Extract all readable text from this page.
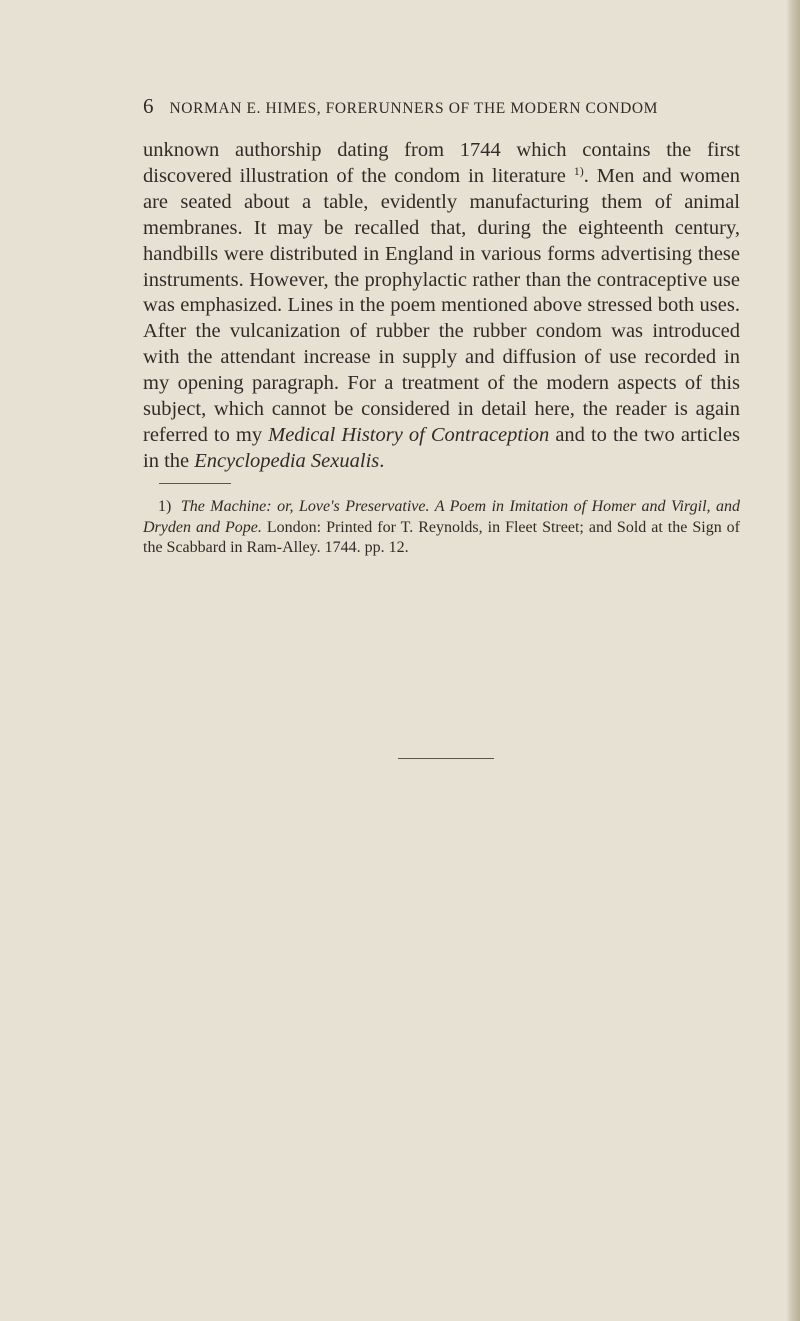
6 NORMAN E. HIMES, FORERUNNERS OF THE MODERN CONDOM
unknown authorship dating from 1744 which contains the first discovered illustration of the condom in literature $^{1)}$. Men and women are seated about a table, evidently manufacturing them of animal membranes. It may be recalled that, during the eighteenth century, handbills were distributed in England in various forms advertising these instruments. However, the prophylactic rather than the contraceptive use was emphasized. Lines in the poem mentioned above stressed both uses. After the vulcanization of rubber the rubber condom was introduced with the attendant increase in supply and diffusion of use recorded in my opening paragraph. For a treatment of the modern aspects of this subject, which cannot be considered in detail here, the reader is again referred to my Medical History of Contraception and to the two articles in the Encyclopedia Sexualis.
1) The Machine: or, Love's Preservative. A Poem in Imitation of Homer and Virgil, and Dryden and Pope. London: Printed for T. Reynolds, in Fleet Street; and Sold at the Sign of the Scabbard in Ram-Alley. 1744. pp. 12.
